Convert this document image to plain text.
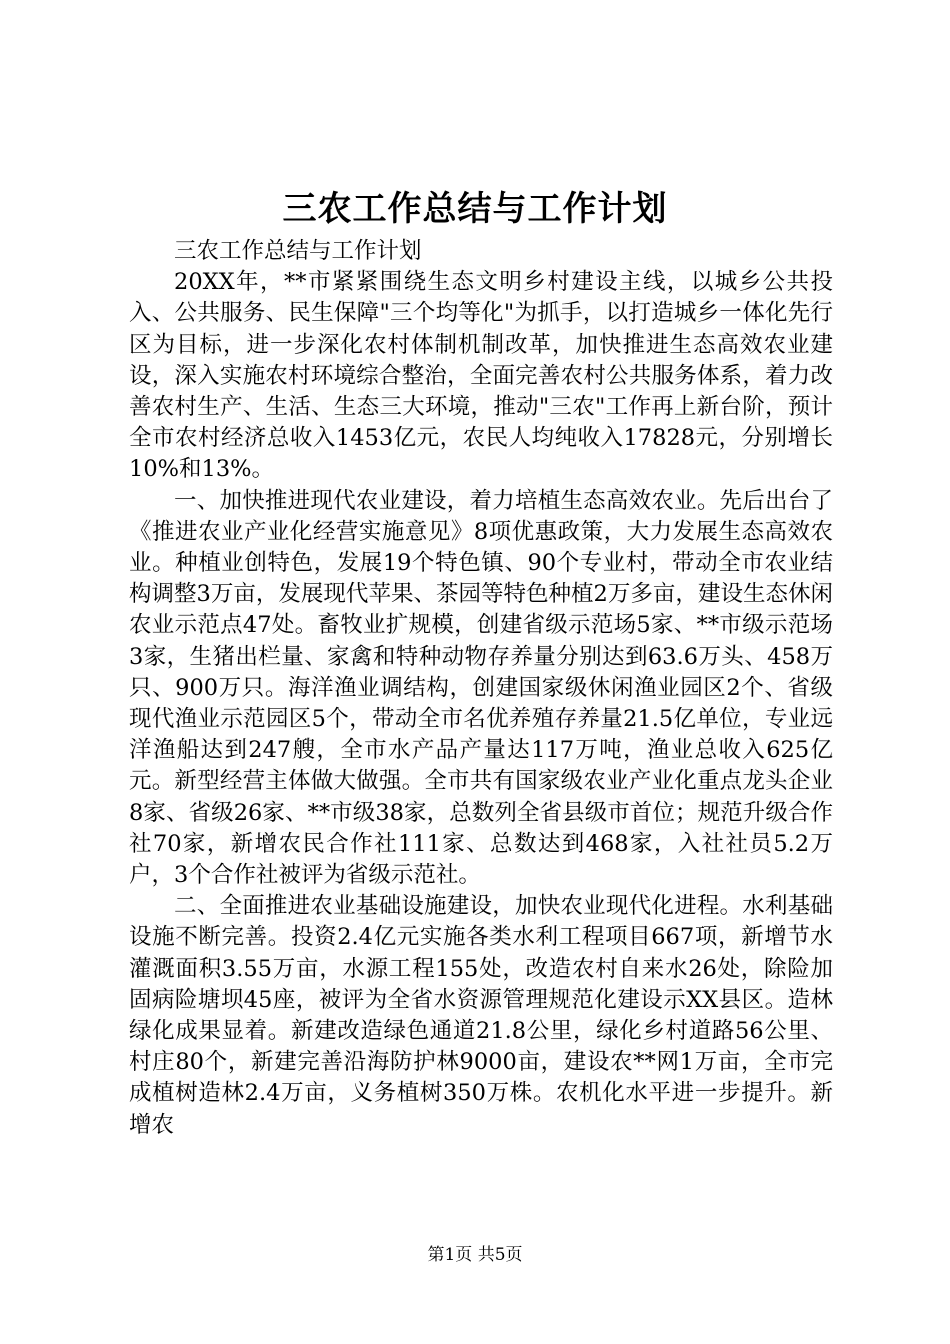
三农工作总结与工作计划

三农工作总结与工作计划

20XX年，**市紧紧围绕生态文明乡村建设主线，以城乡公共投入、公共服务、民生保障"三个均等化"为抓手，以打造城乡一体化先行区为目标，进一步深化农村体制机制改革，加快推进生态高效农业建设，深入实施农村环境综合整治，全面完善农村公共服务体系，着力改善农村生产、生活、生态三大环境，推动"三农"工作再上新台阶，预计全市农村经济总收入1453亿元，农民人均纯收入17828元，分别增长10%和13%。

一、加快推进现代农业建设，着力培植生态高效农业。先后出台了《推进农业产业化经营实施意见》8项优惠政策，大力发展生态高效农业。种植业创特色，发展19个特色镇、90个专业村，带动全市农业结构调整3万亩，发展现代苹果、茶园等特色种植2万多亩，建设生态休闲农业示范点47处。畜牧业扩规模，创建省级示范场5家、**市级示范场3家，生猪出栏量、家禽和特种动物存养量分别达到63.6万头、458万只、900万只。海洋渔业调结构，创建国家级休闲渔业园区2个、省级现代渔业示范园区5个，带动全市名优养殖存养量21.5亿单位，专业远洋渔船达到247艘，全市水产品产量达117万吨，渔业总收入625亿元。新型经营主体做大做强。全市共有国家级农业产业化重点龙头企业8家、省级26家、**市级38家，总数列全省县级市首位；规范升级合作社70家，新增农民合作社111家、总数达到468家，入社社员5.2万户，3个合作社被评为省级示范社。

二、全面推进农业基础设施建设，加快农业现代化进程。水利基础设施不断完善。投资2.4亿元实施各类水利工程项目667项，新增节水灌溉面积3.55万亩，水源工程155处，改造农村自来水26处，除险加固病险塘坝45座，被评为全省水资源管理规范化建设示XX县区。造林绿化成果显着。新建改造绿色通道21.8公里，绿化乡村道路56公里、村庄80个，新建完善沿海防护林9000亩，建设农**网1万亩，全市完成植树造林2.4万亩，义务植树350万株。农机化水平进一步提升。新增农

第1页 共5页
